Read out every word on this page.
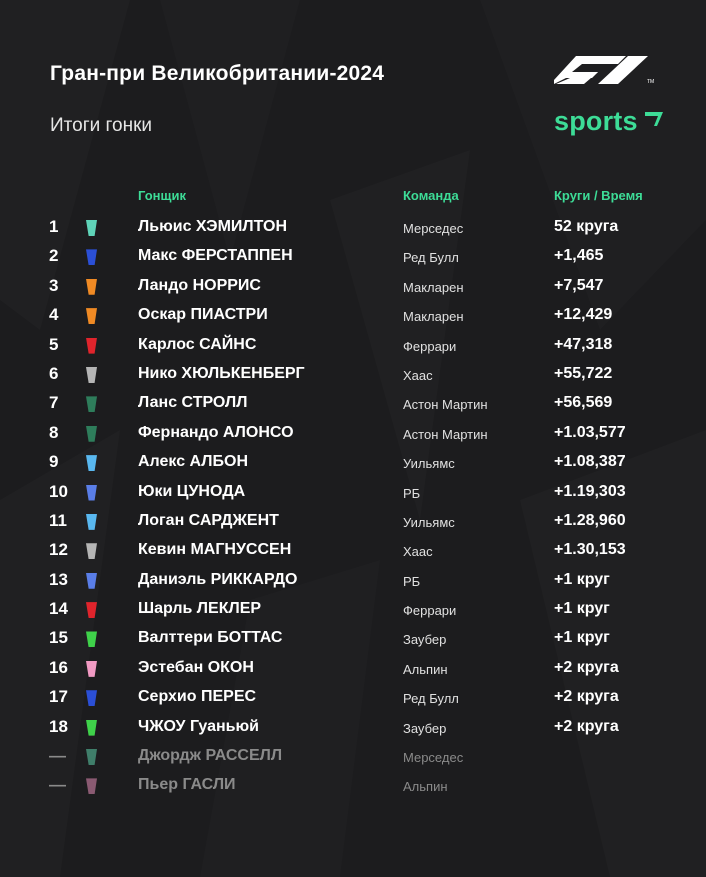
Гран-при Великобритании-2024
Итоги гонки
TM
sports
Гонщик	Команда	Круги / Время
1	Льюис ХЭМИЛТОН	Мерседес	52 круга
2	Макс ФЕРСТАППЕН	Ред Булл	+1,465
3	Ландо НОРРИС	Макларен	+7,547
4	Оскар ПИАСТРИ	Макларен	+12,429
5	Карлос САЙНС	Феррари	+47,318
6	Нико ХЮЛЬКЕНБЕРГ	Хаас	+55,722
7	Ланс СТРОЛЛ	Астон Мартин	+56,569
8	Фернандо АЛОНСО	Астон Мартин	+1.03,577
9	Алекс АЛБОН	Уильямс	+1.08,387
10	Юки ЦУНОДА	РБ	+1.19,303
11	Логан САРДЖЕНТ	Уильямс	+1.28,960
12	Кевин МАГНУССЕН	Хаас	+1.30,153
13	Даниэль РИККАРДО	РБ	+1 круг
14	Шарль ЛЕКЛЕР	Феррари	+1 круг
15	Валттери БОТТАС	Заубер	+1 круг
16	Эстебан ОКОН	Альпин	+2 круга
17	Серхио ПЕРЕС	Ред Булл	+2 круга
18	ЧЖОУ Гуаньюй	Заубер	+2 круга
—	Джордж РАССЕЛЛ	Мерседес
—	Пьер ГАСЛИ	Альпин
